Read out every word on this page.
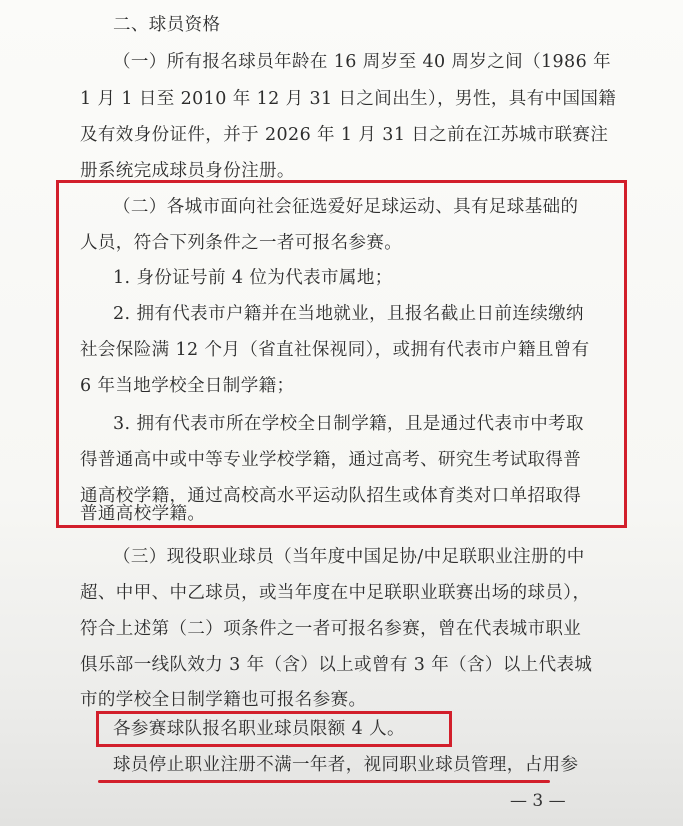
二、球员资格
（一）所有报名球员年龄在 16 周岁至 40 周岁之间（1986 年
1 月 1 日至 2010 年 12 月 31 日之间出生），男性，具有中国国籍
及有效身份证件，并于 2026 年 1 月 31 日之前在江苏城市联赛注
册系统完成球员身份注册。
（二）各城市面向社会征选爱好足球运动、具有足球基础的
人员，符合下列条件之一者可报名参赛。
1. 身份证号前 4 位为代表市属地；
2. 拥有代表市户籍并在当地就业，且报名截止日前连续缴纳
社会保险满 12 个月（省直社保视同），或拥有代表市户籍且曾有
6 年当地学校全日制学籍；
3. 拥有代表市所在学校全日制学籍，且是通过代表市中考取
得普通高中或中等专业学校学籍，通过高考、研究生考试取得普
通高校学籍，通过高校高水平运动队招生或体育类对口单招取得
普通高校学籍。
（三）现役职业球员（当年度中国足协/中足联职业注册的中
超、中甲、中乙球员，或当年度在中足联职业联赛出场的球员），
符合上述第（二）项条件之一者可报名参赛，曾在代表城市职业
俱乐部一线队效力 3 年（含）以上或曾有 3 年（含）以上代表城
市的学校全日制学籍也可报名参赛。
各参赛球队报名职业球员限额 4 人。
球员停止职业注册不满一年者，视同职业球员管理，占用参
— 3 —
